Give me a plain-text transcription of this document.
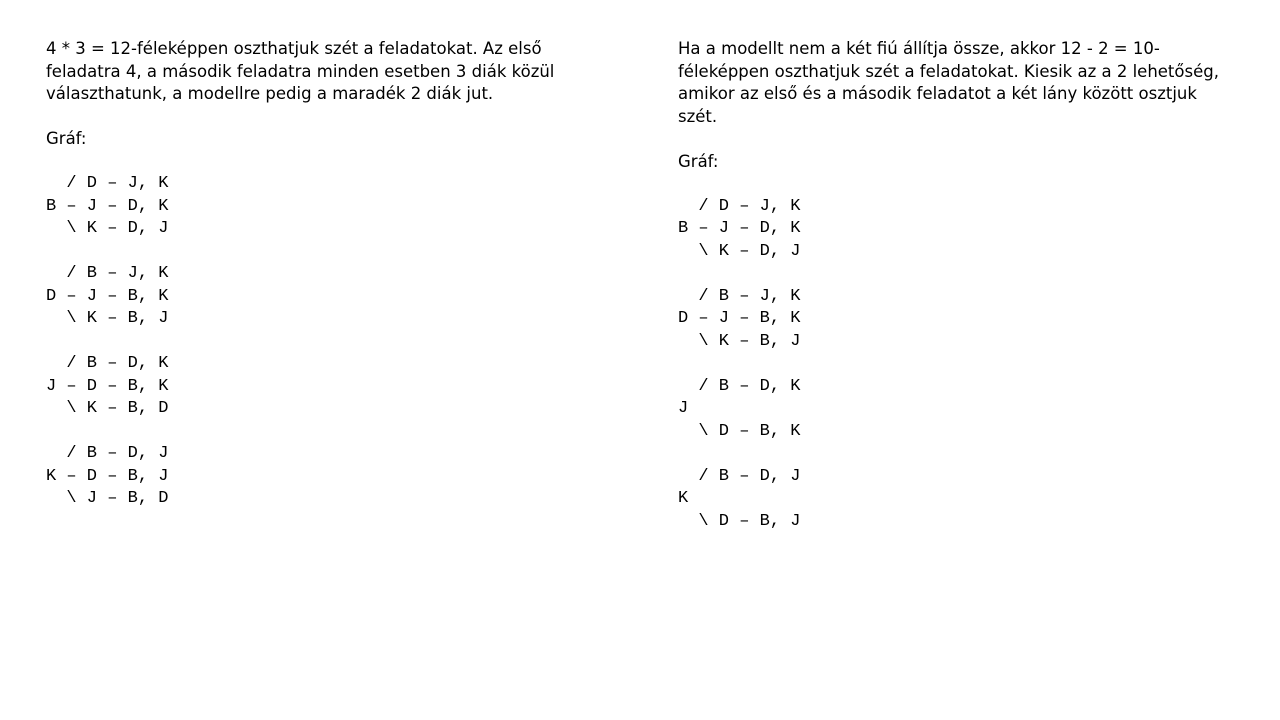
4 * 3 = 12-féleképpen oszthatjuk szét a feladatokat. Az első feladatra 4, a második feladatra minden esetben 3 diák közül választhatunk, a modellre pedig a maradék 2 diák jut.

Gráf:

/ D – J, K
B – J – D, K
\ K – D, J
/ B – J, K
D – J – B, K
\ K – B, J
/ B – D, K
J – D – B, K
\ K – B, D
/ B – D, J
K – D – B, J
\ J – B, D

Ha a modellt nem a két fiú állítja össze, akkor 12 - 2 = 10-féleképpen oszthatjuk szét a feladatokat. Kiesik az a 2 lehetőség, amikor az első és a második feladatot a két lány között osztjuk szét.

Gráf:

/ D – J, K
B – J – D, K
\ K – D, J
/ B – J, K
D – J – B, K
\ K – B, J
/ B – D, K
J
\ D – B, K
/ B – D, J
K
\ D – B, J
